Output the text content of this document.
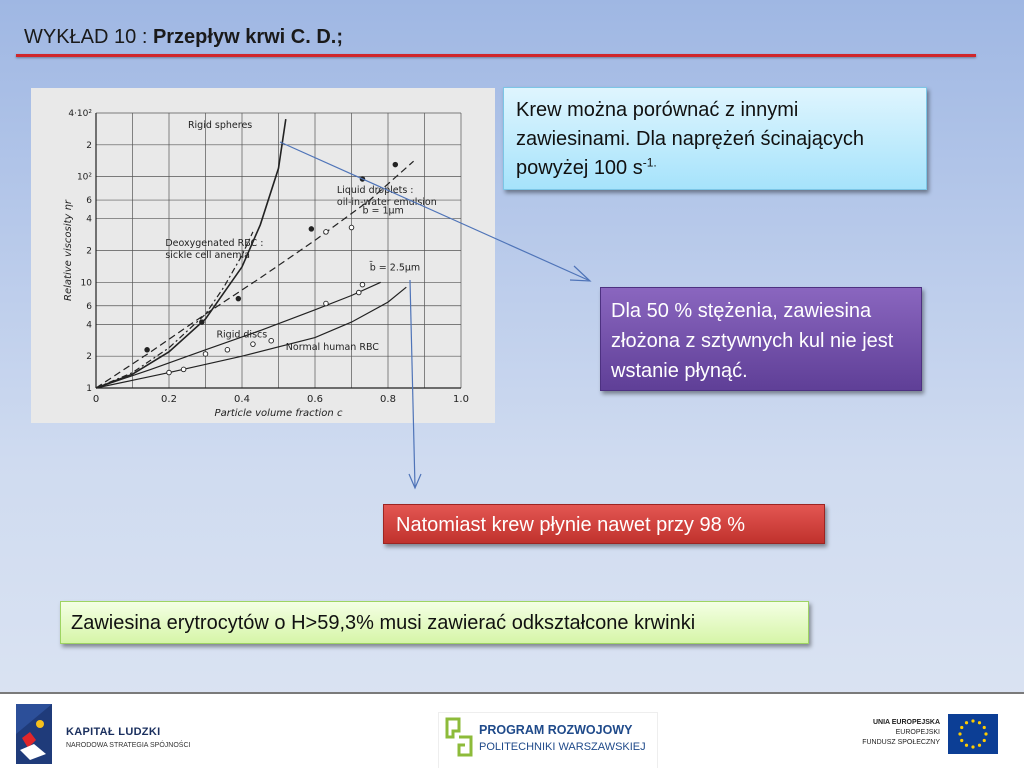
WYKŁAD 10 : Przepływ krwi C. D.;
0	0.2	0.4	0.6	0.8	1.0
1
2
4
6
10
2
4
6
10²
2
4·10²
Particle volume fraction c
Relative viscosity ηr
Rigid spheres
Deoxygenated RBC :
sickle cell anemia
Liquid droplets :
oil-in-water emulsion
b̄ = 1μm
b̄ = 2.5μm
Rigid discs
Normal human RBC
Krew można porównać z innymi zawiesinami. Dla naprężeń ścinających powyżej 100 $s^{-1.}$
Dla 50 % stężenia, zawiesina złożona z sztywnych kul nie jest wstanie płynąć.
Natomiast krew płynie nawet przy 98 %
Zawiesina erytrocytów o H>59,3% musi zawierać odkształcone krwinki
KAPITAŁ LUDZKI
NARODOWA STRATEGIA SPÓJNOŚCI
PROGRAM ROZWOJOWY
POLITECHNIKI WARSZAWSKIEJ
UNIA EUROPEJSKA
EUROPEJSKI
FUNDUSZ SPOŁECZNY
